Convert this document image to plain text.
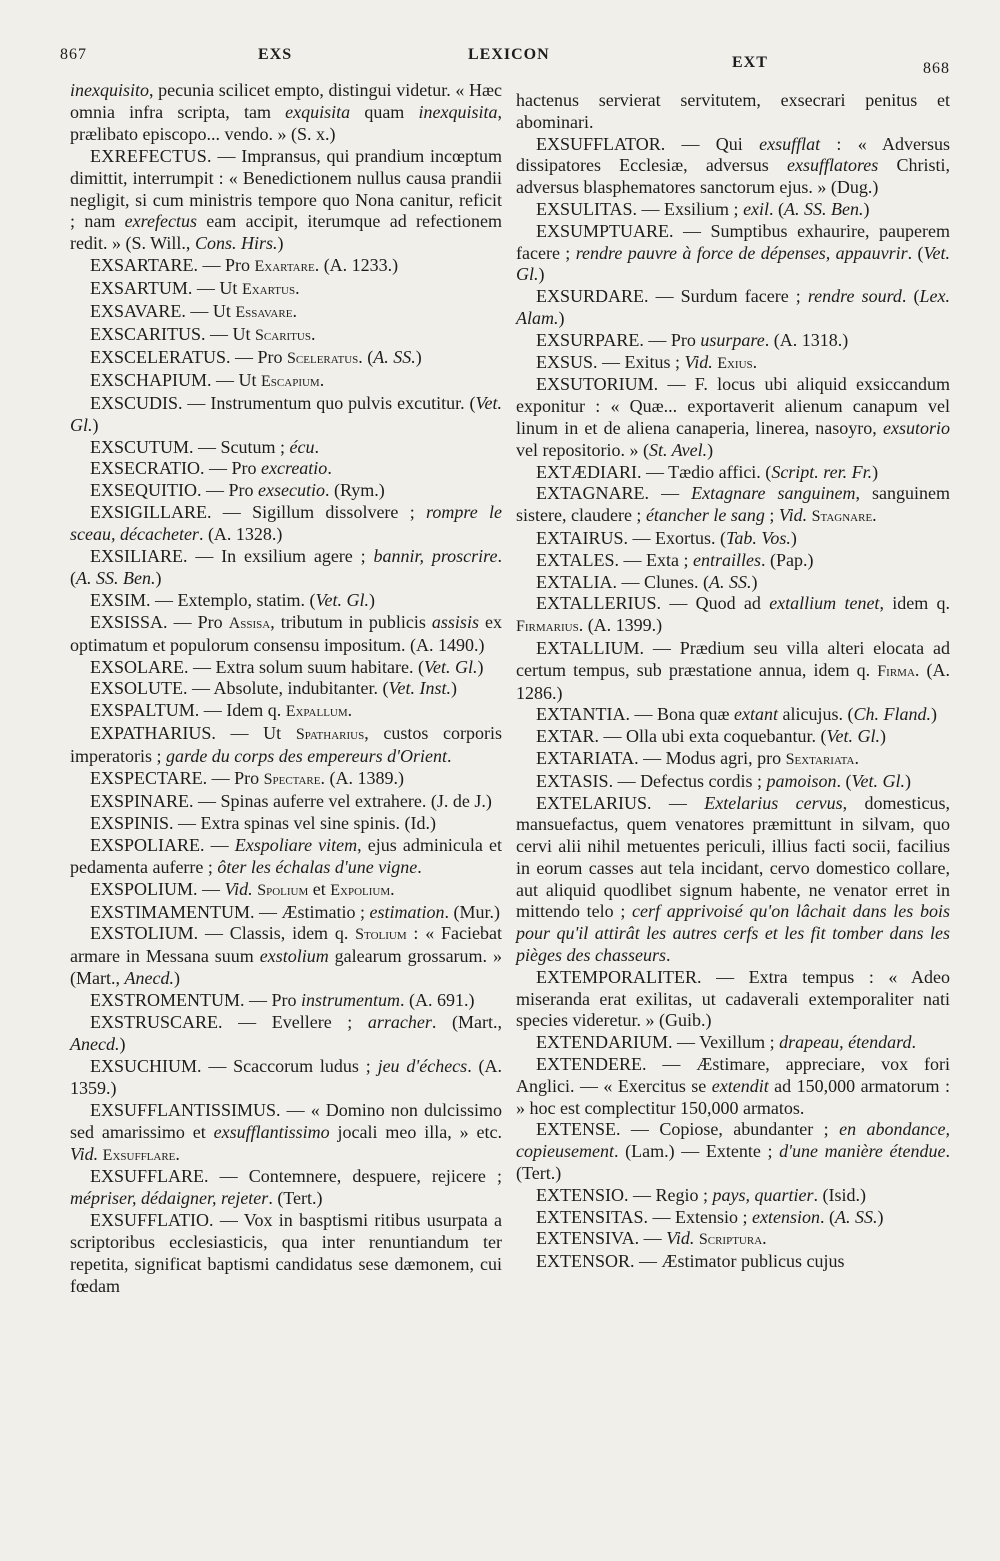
867	EXS	LEXICON	EXT	868

inexquisito, pecunia scilicet empto, distingui videtur. « Hæc omnia infra scripta, tam exquisita quam inexquisita, prælibato episcopo... vendo. » (S. x.)

EXREFECTUS. — Impransus, qui prandium incœptum dimittit, interrumpit : « Benedictionem nullus causa prandii negligit, si cum ministris tempore quo Nona canitur, reficit ; nam exrefectus eam accipit, iterumque ad refectionem redit. » (S. Will., Cons. Hirs.)

EXSARTARE. — Pro Exartare. (A. 1233.)

EXSARTUM. — Ut Exartus.

EXSAVARE. — Ut Essavare.

EXSCARITUS. — Ut Scaritus.

EXSCELERATUS. — Pro Sceleratus. (A. SS.)

EXSCHAPIUM. — Ut Escapium.

EXSCUDIS. — Instrumentum quo pulvis excutitur. (Vet. Gl.)

EXSCUTUM. — Scutum ; écu.

EXSECRATIO. — Pro excreatio.

EXSEQUITIO. — Pro exsecutio. (Rym.)

EXSIGILLARE. — Sigillum dissolvere ; rompre le sceau, décacheter. (A. 1328.)

EXSILIARE. — In exsilium agere ; bannir, proscrire. (A. SS. Ben.)

EXSIM. — Extemplo, statim. (Vet. Gl.)

EXSISSA. — Pro Assisa, tributum in publicis assisis ex optimatum et populorum consensu impositum. (A. 1490.)

EXSOLARE. — Extra solum suum habitare. (Vet. Gl.)

EXSOLUTE. — Absolute, indubitanter. (Vet. Inst.)

EXSPALTUM. — Idem q. Expallum.

EXPATHARIUS. — Ut Spatharius, custos corporis imperatoris ; garde du corps des empereurs d'Orient.

EXSPECTARE. — Pro Spectare. (A. 1389.)

EXSPINARE. — Spinas auferre vel extrahere. (J. de J.)

EXSPINIS. — Extra spinas vel sine spinis. (Id.)

EXSPOLIARE. — Exspoliare vitem, ejus adminicula et pedamenta auferre ; ôter les échalas d'une vigne.

EXSPOLIUM. — Vid. Spolium et Expolium.

EXSTIMAMENTUM. — Æstimatio ; estimation. (Mur.)

EXSTOLIUM. — Classis, idem q. Stolium : « Faciebat armare in Messana suum exstolium galearum grossarum. » (Mart., Anecd.)

EXSTROMENTUM. — Pro instrumentum. (A. 691.)

EXSTRUSCARE. — Evellere ; arracher. (Mart., Anecd.)

EXSUCHIUM. — Scaccorum ludus ; jeu d'échecs. (A. 1359.)

EXSUFFLANTISSIMUS. — « Domino non dulcissimo sed amarissimo et exsufflantissimo jocali meo illa, » etc. Vid. Exsufflare.

EXSUFFLARE. — Contemnere, despuere, rejicere ; mépriser, dédaigner, rejeter. (Tert.)

EXSUFFLATIO. — Vox in basptismi ritibus usurpata a scriptoribus ecclesiasticis, qua inter renuntiandum ter repetita, significat baptismi candidatus sese dæmonem, cui fœdam

hactenus servierat servitutem, exsecrari penitus et abominari.

EXSUFFLATOR. — Qui exsufflat : « Adversus dissipatores Ecclesiæ, adversus exsufflatores Christi, adversus blasphematores sanctorum ejus. » (Dug.)

EXSULITAS. — Exsilium ; exil. (A. SS. Ben.)

EXSUMPTUARE. — Sumptibus exhaurire, pauperem facere ; rendre pauvre à force de dépenses, appauvrir. (Vet. Gl.)

EXSURDARE. — Surdum facere ; rendre sourd. (Lex. Alam.)

EXSURPARE. — Pro usurpare. (A. 1318.)

EXSUS. — Exitus ; Vid. Exius.

EXSUTORIUM. — F. locus ubi aliquid exsiccandum exponitur : « Quæ... exportaverit alienum canapum vel linum in et de aliena canaperia, linerea, nasoyro, exsutorio vel repositorio. » (St. Avel.)

EXTÆDIARI. — Tædio affici. (Script. rer. Fr.)

EXTAGNARE. — Extagnare sanguinem, sanguinem sistere, claudere ; étancher le sang ; Vid. Stagnare.

EXTAIRUS. — Exortus. (Tab. Vos.)

EXTALES. — Exta ; entrailles. (Pap.)

EXTALIA. — Clunes. (A. SS.)

EXTALLERIUS. — Quod ad extallium tenet, idem q. Firmarius. (A. 1399.)

EXTALLIUM. — Prædium seu villa alteri elocata ad certum tempus, sub præstatione annua, idem q. Firma. (A. 1286.)

EXTANTIA. — Bona quæ extant alicujus. (Ch. Fland.)

EXTAR. — Olla ubi exta coquebantur. (Vet. Gl.)

EXTARIATA. — Modus agri, pro Sextariata.

EXTASIS. — Defectus cordis ; pamoison. (Vet. Gl.)

EXTELARIUS. — Extelarius cervus, domesticus, mansuefactus, quem venatores præmittunt in silvam, quo cervi alii nihil metuentes periculi, illius facti socii, facilius in eorum casses aut tela incidant, cervo domestico collare, aut aliquid quodlibet signum habente, ne venator erret in mittendo telo ; cerf apprivoisé qu'on lâchait dans les bois pour qu'il attirât les autres cerfs et les fit tomber dans les pièges des chasseurs.

EXTEMPORALITER. — Extra tempus : « Adeo miseranda erat exilitas, ut cadaverali extemporaliter nati species videretur. » (Guib.)

EXTENDARIUM. — Vexillum ; drapeau, étendard.

EXTENDERE. — Æstimare, appreciare, vox fori Anglici. — « Exercitus se extendit ad 150,000 armatorum : » hoc est complectitur 150,000 armatos.

EXTENSE. — Copiose, abundanter ; en abondance, copieusement. (Lam.) — Extente ; d'une manière étendue. (Tert.)

EXTENSIO. — Regio ; pays, quartier. (Isid.)

EXTENSITAS. — Extensio ; extension. (A. SS.)

EXTENSIVA. — Vid. Scriptura.

EXTENSOR. — Æstimator publicus cujus
